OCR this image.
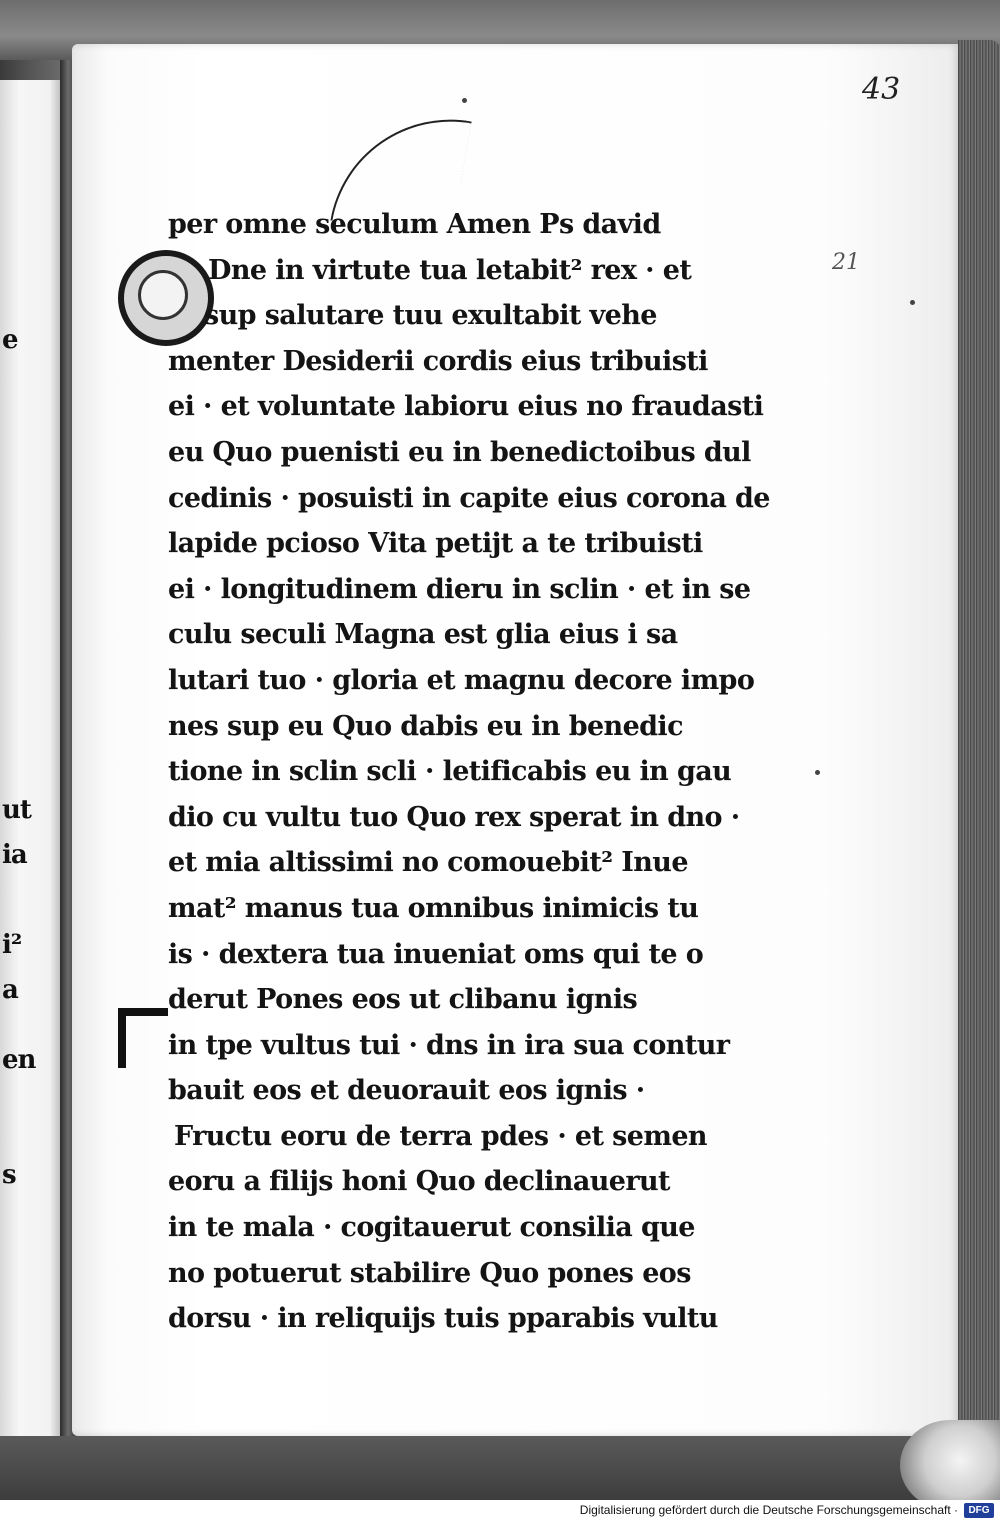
e
ut
ia
i²
a
en
s
43
21
per omne seculum Amen Ps david
Dne in virtute tua letabit² rex · et
sup salutare tuu exultabit vehe
menter Desiderii cordis eius tribuisti
ei · et voluntate labioru eius no fraudasti
eu Quo puenisti eu in benedictoibus dul
cedinis · posuisti in capite eius corona de
lapide pcioso Vita petijt a te tribuisti
ei · longitudinem dieru in sclin · et in se
culu seculi Magna est glia eius i sa
lutari tuo · gloria et magnu decore impo
nes sup eu Quo dabis eu in benedic
tione in sclin scli · letificabis eu in gau
dio cu vultu tuo Quo rex sperat in dno ·
et mia altissimi no comouebit² Inue
mat² manus tua omnibus inimicis tu
is · dextera tua inueniat oms qui te o
derut Pones eos ut clibanu ignis
in tpe vultus tui · dns in ira sua contur
bauit eos et deuorauit eos ignis ·
Fructu eoru de terra pdes · et semen
eoru a filijs honi Quo declinauerut
in te mala · cogitauerut consilia que
no potuerut stabilire Quo pones eos
dorsu · in reliquijs tuis pparabis vultu
Digitalisierung gefördert durch die Deutsche Forschungsgemeinschaft ·	DFG
